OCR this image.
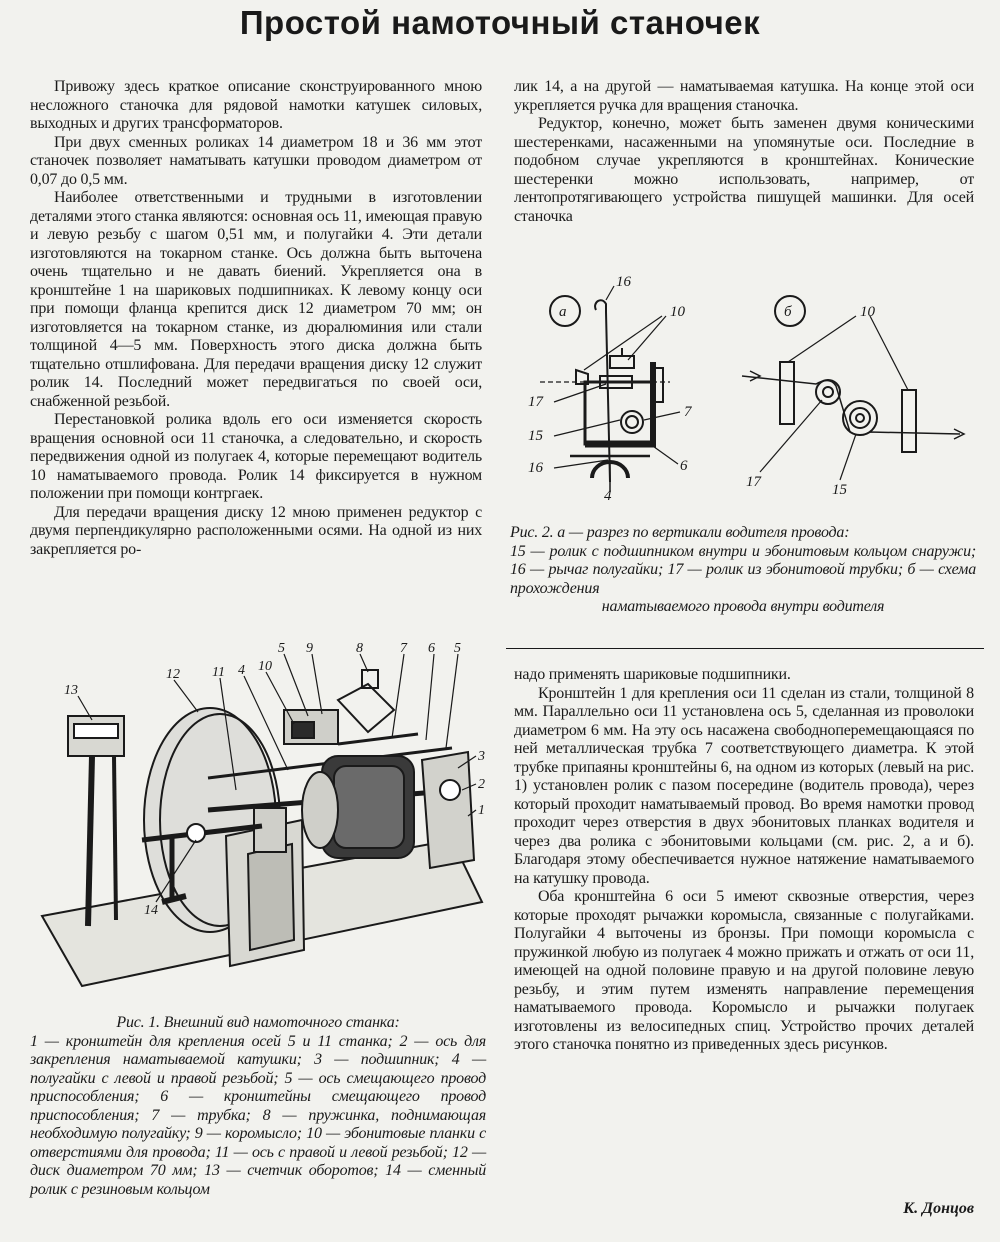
Простой намоточный станочек

Привожу здесь краткое описание сконструированного мною несложного станочка для рядовой намотки катушек силовых, выходных и других трансформаторов.

При двух сменных роликах 14 диаметром 18 и 36 мм этот станочек позволяет наматывать катушки проводом диаметром от 0,07 до 0,5 мм.

Наиболее ответственными и трудными в изготовлении деталями этого станка являются: основная ось 11, имеющая правую и левую резьбу с шагом 0,51 мм, и полугайки 4. Эти детали изготовляются на токарном станке. Ось должна быть выточена очень тщательно и не давать биений. Укрепляется она в кронштейне 1 на шариковых подшипниках. К левому концу оси при помощи фланца крепится диск 12 диаметром 70 мм; он изготовляется на токарном станке, из дюралюминия или стали толщиной 4—5 мм. Поверхность этого диска должна быть тщательно отшлифована. Для передачи вращения диску 12 служит ролик 14. Последний может передвигаться по своей оси, снабженной резьбой.

Перестановкой ролика вдоль его оси изменяется скорость вращения основной оси 11 станочка, а следовательно, и скорость передвижения одной из полугаек 4, которые перемещают водитель 10 наматываемого провода. Ролик 14 фиксируется в нужном положении при помощи контргаек.

Для передачи вращения диску 12 мною применен редуктор с двумя перпендикулярно расположенными осями. На одной из них закрепляется ро-

лик 14, а на другой — наматываемая катушка. На конце этой оси укрепляется ручка для вращения станочка.

Редуктор, конечно, может быть заменен двумя коническими шестеренками, насаженными на упомянутые оси. Последние в подобном случае укрепляются в кронштейнах. Конические шестеренки можно использовать, например, от лентопротягивающего устройства пишущей машинки. Для осей станочка

а	б
16
10
17
15
16
7
6
4
10
17	15

Рис. 2. а — разрез по вертикали водителя провода:

15 — ролик с подшипником внутри и эбонитовым кольцом снаружи; 16 — рычаг полугайки; 17 — ролик из эбонитовой трубки; б — схема прохождения

наматываемого провода внутри водителя

13
12 11 4 10
5 9	8	7 6 5
3
2
1
14

Рис. 1. Внешний вид намоточного станка:

1 — кронштейн для крепления осей 5 и 11 станка; 2 — ось для закрепления наматываемой катушки; 3 — подшипник; 4 — полугайки с левой и правой резьбой; 5 — ось смещающего провод приспособления; 6 — кронштейны смещающего провод приспособления; 7 — трубка; 8 — пружинка, поднимающая необходимую полугайку; 9 — коромысло; 10 — эбонитовые планки с отверстиями для провода; 11 — ось с правой и левой резьбой; 12 — диск диаметром 70 мм; 13 — счетчик оборотов; 14 — сменный ролик с резиновым кольцом

надо применять шариковые подшипники.

Кронштейн 1 для крепления оси 11 сделан из стали, толщиной 8 мм. Параллельно оси 11 установлена ось 5, сделанная из проволоки диаметром 6 мм. На эту ось насажена свободноперемещающаяся по ней металлическая трубка 7 соответствующего диаметра. К этой трубке припаяны кронштейны 6, на одном из которых (левый на рис. 1) установлен ролик с пазом посередине (водитель провода), через который проходит наматываемый провод. Во время намотки провод проходит через отверстия в двух эбонитовых планках водителя и через два ролика с эбонитовыми кольцами (см. рис. 2, а и б). Благодаря этому обеспечивается нужное натяжение наматываемого на катушку провода.

Оба кронштейна 6 оси 5 имеют сквозные отверстия, через которые проходят рычажки коромысла, связанные с полугайками. Полугайки 4 выточены из бронзы. При помощи коромысла с пружинкой любую из полугаек 4 можно прижать и отжать от оси 11, имеющей на одной половине правую и на другой половине левую резьбу, и этим путем изменять направление перемещения наматываемого провода. Коромысло и рычажки полугаек изготовлены из велосипедных спиц. Устройство прочих деталей этого станочка понятно из приведенных здесь рисунков.

К. Донцов
